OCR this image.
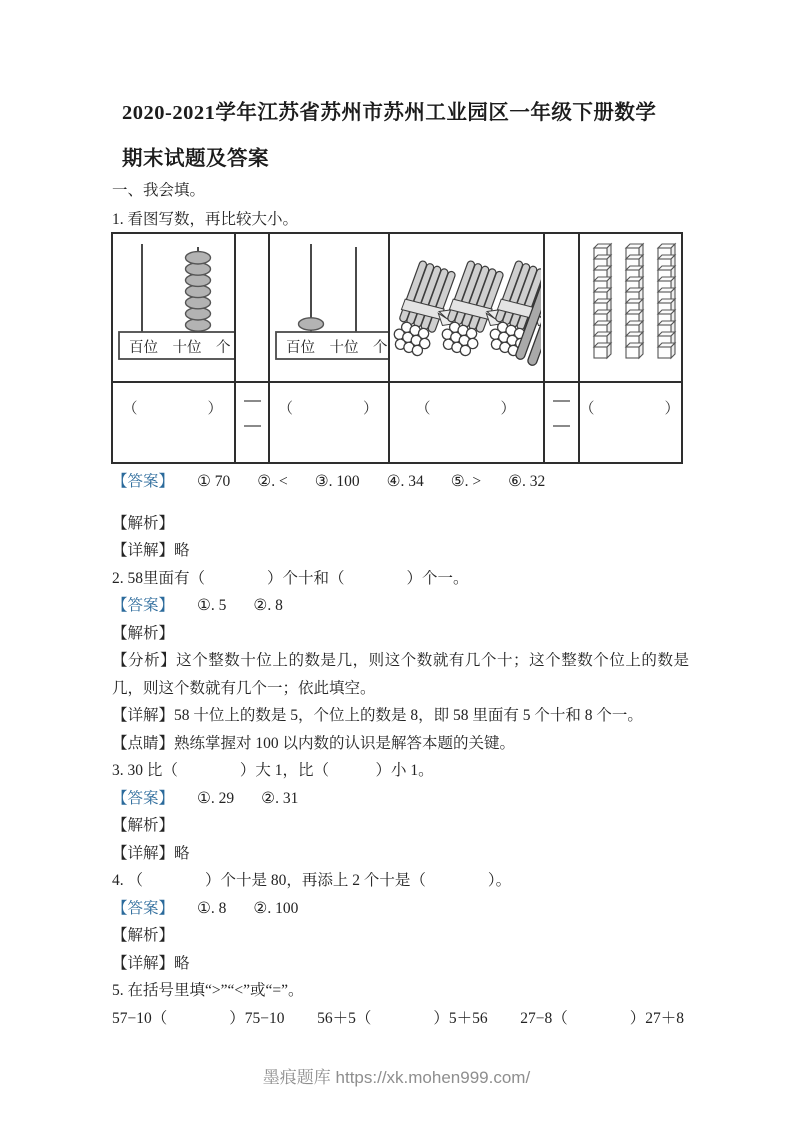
2020-2021学年江苏省苏州市苏州工业园区一年级下册数学
期末试题及答案
一、我会填。
1. 看图写数，再比较大小。
百位　十位　个
（　　　　）
百位　十位　个
（　　　　）	（　　　　）	（　　　　）

【答案】 ① 70 ②. < ③. 100 ④. 34 ⑤. > ⑥. 32

【解析】

【详解】略

2. 58里面有（　　　　）个十和（　　　　）个一。

【答案】 ①. 5 ②. 8

【解析】

【分析】这个整数十位上的数是几，则这个数就有几个十；这个整数个位上的数是几，则这个数就有几个一；依此填空。

【详解】58 十位上的数是 5，个位上的数是 8，即 58 里面有 5 个十和 8 个一。

【点睛】熟练掌握对 100 以内数的认识是解答本题的关键。

3. 30 比（　　　　）大 1，比（　　　）小 1。

【答案】 ①. 29 ②. 31

【解析】

【详解】略

4. （　　　　）个十是 80，再添上 2 个十是（　　　　）。

【答案】 ①. 8 ②. 100

【解析】

【详解】略

5. 在括号里填“>”“<”或“=”。

57−10（　　　　）75−10 56＋5（　　　　）5＋56 27−8（　　　　）27＋8

墨痕题库 https://xk.mohen999.com/
